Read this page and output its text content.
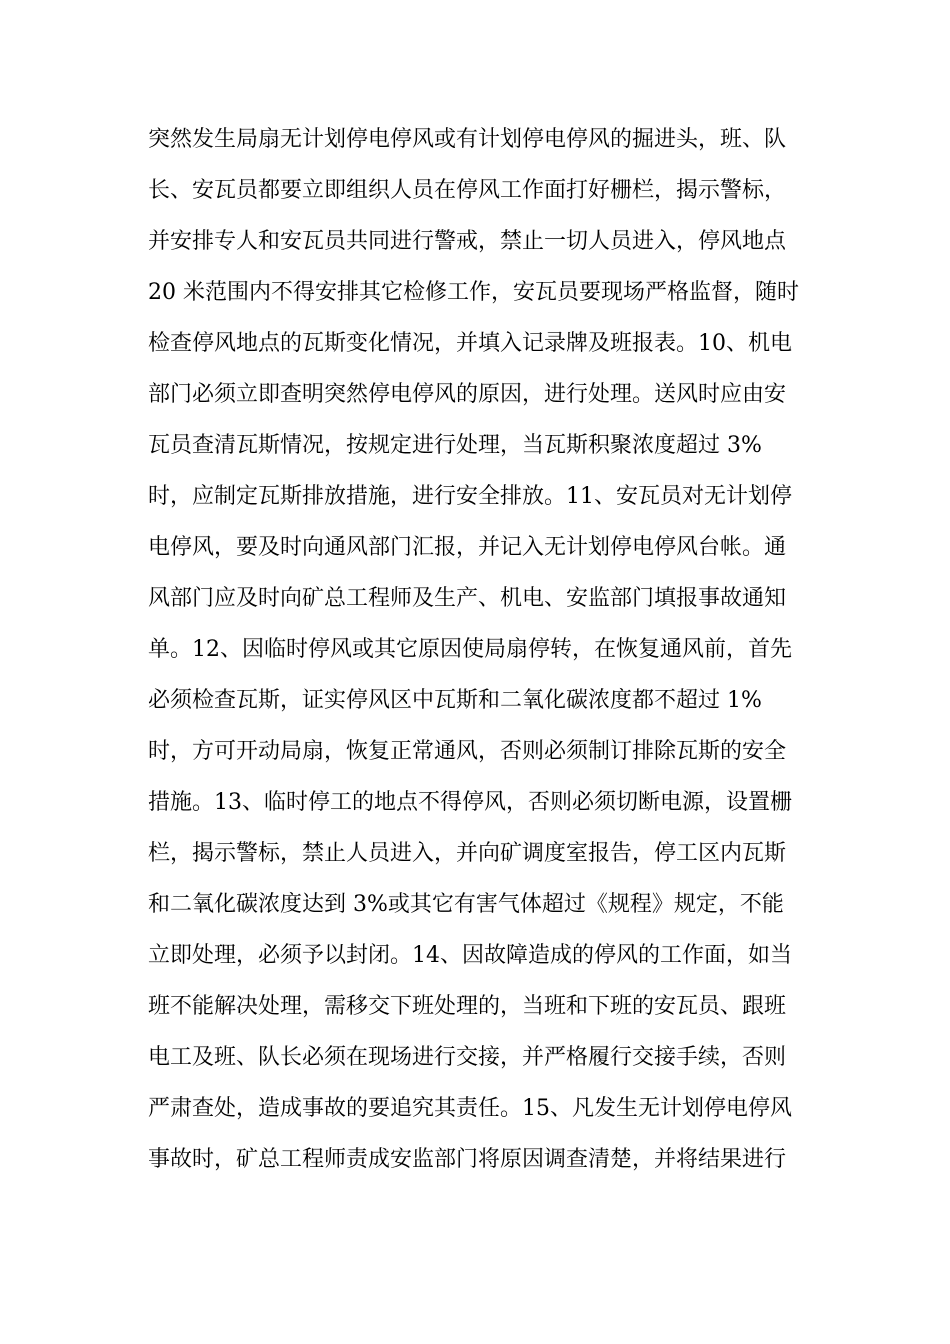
突然发生局扇无计划停电停风或有计划停电停风的掘进头，班、队
长、安瓦员都要立即组织人员在停风工作面打好栅栏，揭示警标，
并安排专人和安瓦员共同进行警戒，禁止一切人员进入，停风地点
20 米范围内不得安排其它检修工作，安瓦员要现场严格监督，随时
检查停风地点的瓦斯变化情况，并填入记录牌及班报表。10、机电
部门必须立即查明突然停电停风的原因，进行处理。送风时应由安
瓦员查清瓦斯情况，按规定进行处理，当瓦斯积聚浓度超过 3%
时，应制定瓦斯排放措施，进行安全排放。11、安瓦员对无计划停
电停风，要及时向通风部门汇报，并记入无计划停电停风台帐。通
风部门应及时向矿总工程师及生产、机电、安监部门填报事故通知
单。12、因临时停风或其它原因使局扇停转，在恢复通风前，首先
必须检查瓦斯，证实停风区中瓦斯和二氧化碳浓度都不超过 1%
时，方可开动局扇，恢复正常通风，否则必须制订排除瓦斯的安全
措施。13、临时停工的地点不得停风，否则必须切断电源，设置栅
栏，揭示警标，禁止人员进入，并向矿调度室报告，停工区内瓦斯
和二氧化碳浓度达到 3%或其它有害气体超过《规程》规定，不能
立即处理，必须予以封闭。14、因故障造成的停风的工作面，如当
班不能解决处理，需移交下班处理的，当班和下班的安瓦员、跟班
电工及班、队长必须在现场进行交接，并严格履行交接手续，否则
严肃查处，造成事故的要追究其责任。15、凡发生无计划停电停风
事故时，矿总工程师责成安监部门将原因调查清楚，并将结果进行
